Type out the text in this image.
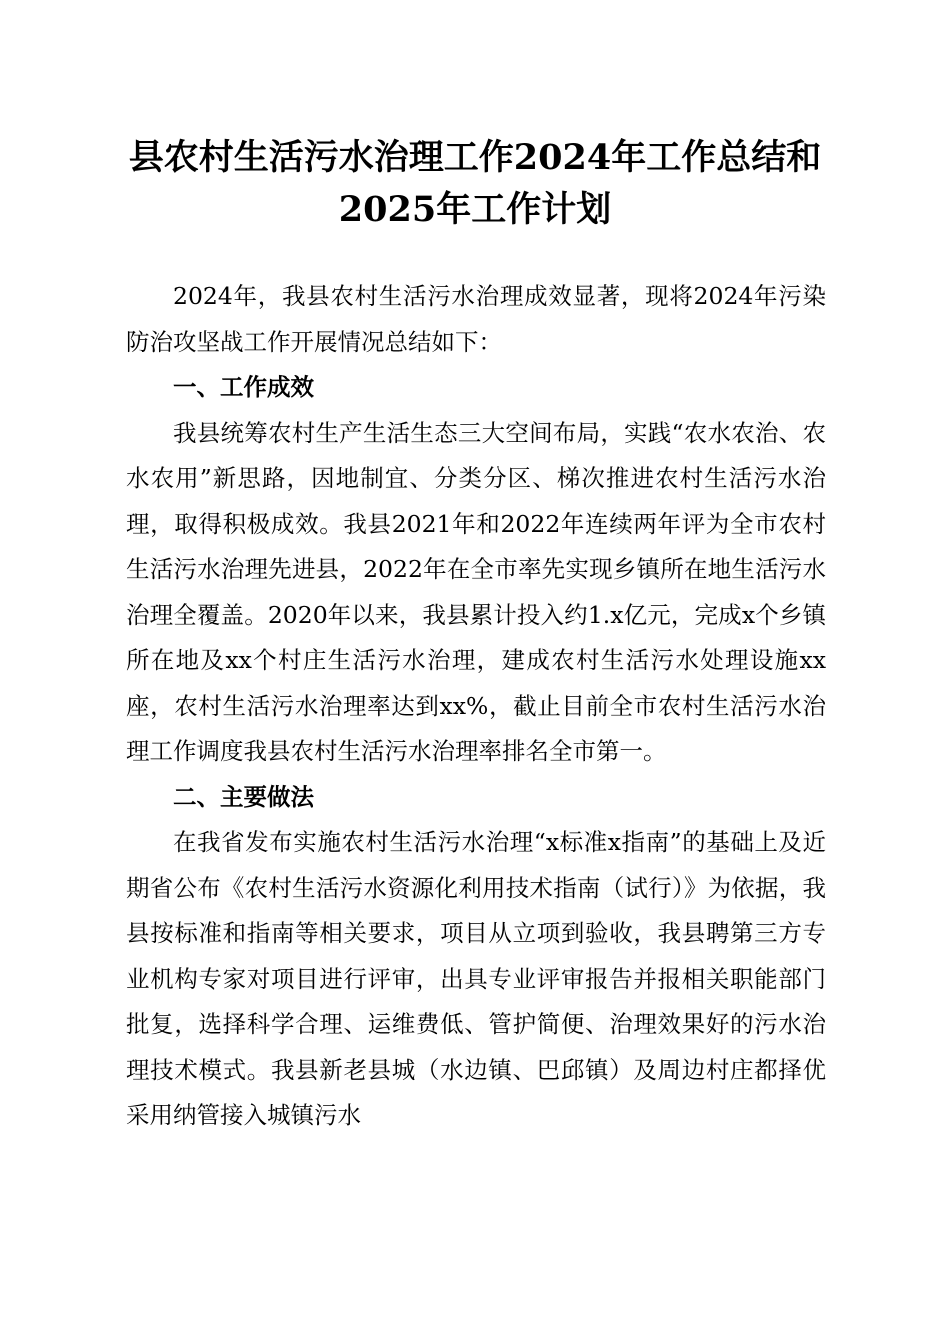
县农村生活污水治理工作2024年工作总结和
2025年工作计划

2024年，我县农村生活污水治理成效显著，现将2024年污染防治攻坚战工作开展情况总结如下：

一、工作成效

我县统筹农村生产生活生态三大空间布局，实践“农水农治、农水农用”新思路，因地制宜、分类分区、梯次推进农村生活污水治理，取得积极成效。我县2021年和2022年连续两年评为全市农村生活污水治理先进县，2022年在全市率先实现乡镇所在地生活污水治理全覆盖。2020年以来，我县累计投入约1.x亿元，完成x个乡镇所在地及xx个村庄生活污水治理，建成农村生活污水处理设施xx座，农村生活污水治理率达到xx%，截止目前全市农村生活污水治理工作调度我县农村生活污水治理率排名全市第一。

二、主要做法

在我省发布实施农村生活污水治理“x标准x指南”的基础上及近期省公布《农村生活污水资源化利用技术指南（试行）》为依据，我县按标准和指南等相关要求，项目从立项到验收，我县聘第三方专业机构专家对项目进行评审，出具专业评审报告并报相关职能部门批复，选择科学合理、运维费低、管护简便、治理效果好的污水治理技术模式。我县新老县城（水边镇、巴邱镇）及周边村庄都择优采用纳管接入城镇污水
